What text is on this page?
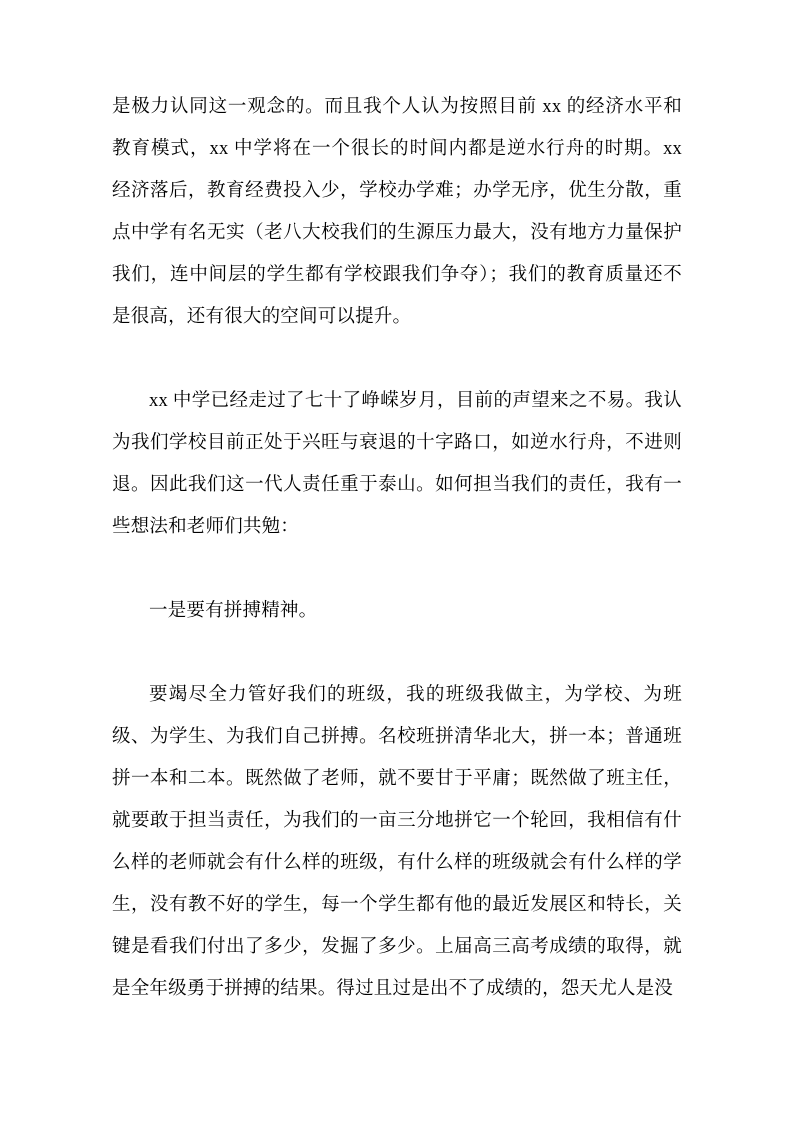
是极力认同这一观念的。而且我个人认为按照目前 xx 的经济水平和教育模式，xx 中学将在一个很长的时间内都是逆水行舟的时期。xx 经济落后，教育经费投入少，学校办学难；办学无序，优生分散，重点中学有名无实（老八大校我们的生源压力最大，没有地方力量保护我们，连中间层的学生都有学校跟我们争夺）；我们的教育质量还不是很高，还有很大的空间可以提升。

xx 中学已经走过了七十了峥嵘岁月，目前的声望来之不易。我认为我们学校目前正处于兴旺与衰退的十字路口，如逆水行舟，不进则退。因此我们这一代人责任重于泰山。如何担当我们的责任，我有一些想法和老师们共勉：

一是要有拼搏精神。

要竭尽全力管好我们的班级，我的班级我做主，为学校、为班级、为学生、为我们自己拼搏。名校班拼清华北大，拼一本；普通班拼一本和二本。既然做了老师，就不要甘于平庸；既然做了班主任，就要敢于担当责任，为我们的一亩三分地拼它一个轮回，我相信有什么样的老师就会有什么样的班级，有什么样的班级就会有什么样的学生，没有教不好的学生，每一个学生都有他的最近发展区和特长，关键是看我们付出了多少，发掘了多少。上届高三高考成绩的取得，就是全年级勇于拼搏的结果。得过且过是出不了成绩的，怨天尤人是没
